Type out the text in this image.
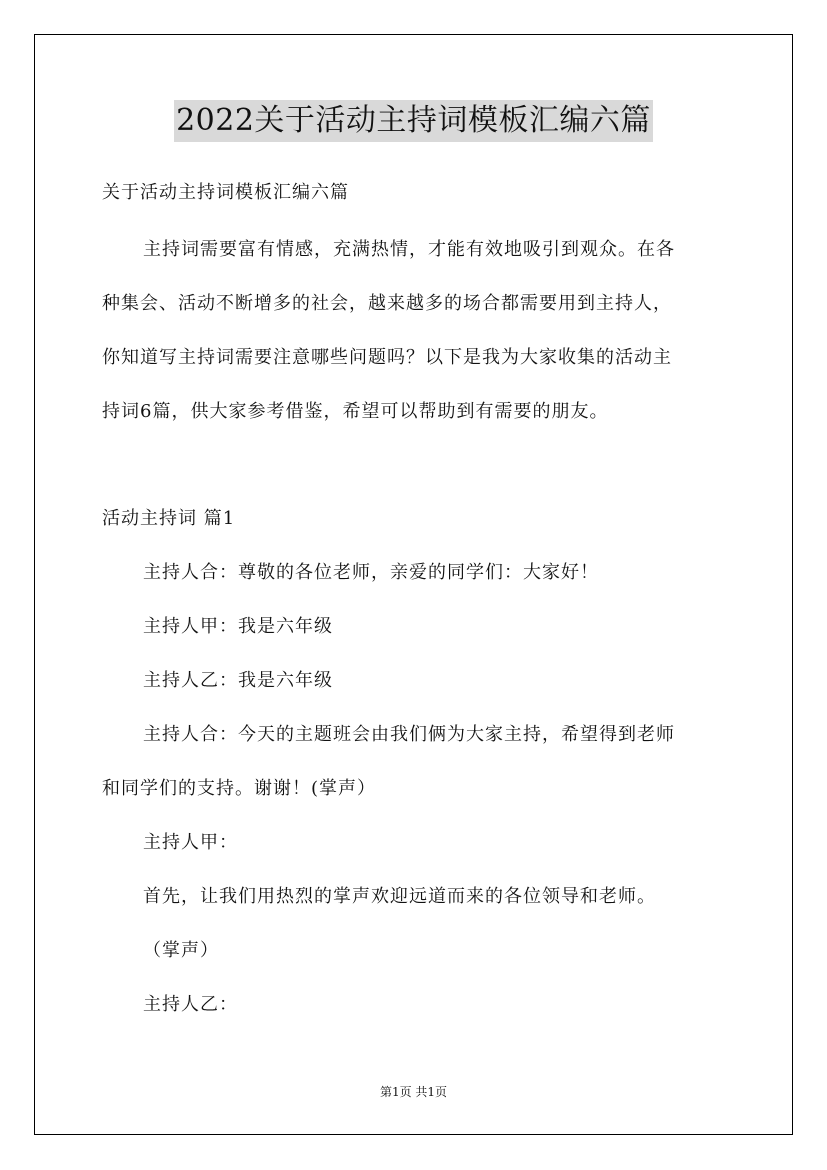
2022关于活动主持词模板汇编六篇
关于活动主持词模板汇编六篇
主持词需要富有情感，充满热情，才能有效地吸引到观众。在各
种集会、活动不断增多的社会，越来越多的场合都需要用到主持人，
你知道写主持词需要注意哪些问题吗？以下是我为大家收集的活动主
持词6篇，供大家参考借鉴，希望可以帮助到有需要的朋友。
活动主持词 篇1
主持人合：尊敬的各位老师，亲爱的同学们：大家好！
主持人甲：我是六年级
主持人乙：我是六年级
主持人合：今天的主题班会由我们俩为大家主持，希望得到老师
和同学们的支持。谢谢！(掌声）
主持人甲：
首先，让我们用热烈的掌声欢迎远道而来的各位领导和老师。
（掌声）
主持人乙：
第1页 共1页
